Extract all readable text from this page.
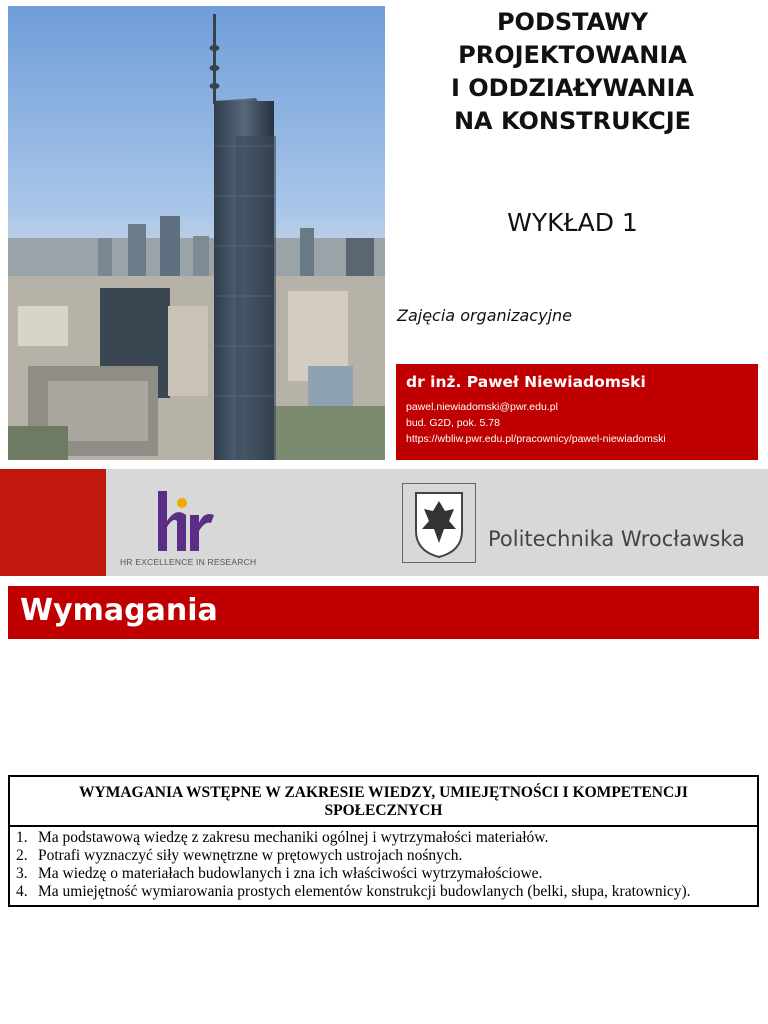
PODSTAWY
PROJEKTOWANIA
I ODDZIAŁYWANIA
NA KONSTRUKCJE
WYKŁAD 1
Zajęcia organizacyjne
dr inż. Paweł Niewiadomski
pawel.niewiadomski@pwr.edu.pl
bud. G2D, pok. 5.78
https://wbliw.pwr.edu.pl/pracownicy/pawel-niewiadomski
HR EXCELLENCE IN RESEARCH
Politechnika Wrocławska
Wymagania
WYMAGANIA WSTĘPNE W ZAKRESIE WIEDZY, UMIEJĘTNOŚCI I KOMPETENCJI SPOŁECZNYCH
1. Ma podstawową wiedzę z zakresu mechaniki ogólnej i wytrzymałości materiałów.
2. Potrafi wyznaczyć siły wewnętrzne w prętowych ustrojach nośnych.
3. Ma wiedzę o materiałach budowlanych i zna ich właściwości wytrzymałościowe.
4. Ma umiejętność wymiarowania prostych elementów konstrukcji budowlanych (belki, słupa, kratownicy).
